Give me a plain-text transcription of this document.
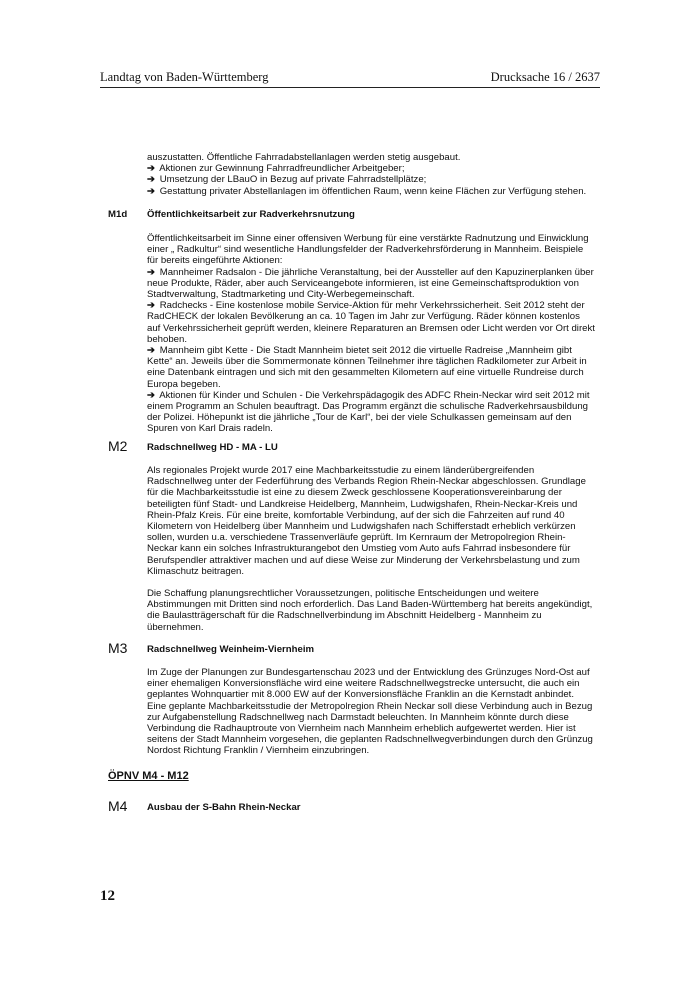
Landtag von Baden-Württemberg	Drucksache 16 / 2637

auszustatten. Öffentliche Fahrradabstellanlagen werden stetig ausgebaut.

➔ Aktionen zur Gewinnung Fahrradfreundlicher Arbeitgeber;
➔ Umsetzung der LBauO in Bezug auf private Fahrradstellplätze;
➔ Gestattung privater Abstellanlagen im öffentlichen Raum, wenn keine Flächen zur Verfügung stehen.
M1d Öffentlichkeitsarbeit zur Radverkehrsnutzung

Öffentlichkeitsarbeit im Sinne einer offensiven Werbung für eine verstärkte Radnutzung und Einwicklung einer „ Radkultur“ sind wesentliche Handlungsfelder der Radverkehrsförderung in Mannheim. Beispiele für bereits eingeführte Aktionen:

➔ Mannheimer Radsalon - Die jährliche Veranstaltung, bei der Aussteller auf den Kapuzinerplanken über neue Produkte, Räder, aber auch Serviceangebote informieren, ist eine Gemeinschaftsproduktion von Stadtverwaltung, Stadtmarketing und City-Werbegemeinschaft.
➔ Radchecks - Eine kostenlose mobile Service-Aktion für mehr Verkehrssicherheit. Seit 2012 steht der RadCHECK der lokalen Bevölkerung an ca. 10 Tagen im Jahr zur Verfügung. Räder können kostenlos auf Verkehrssicherheit geprüft werden, kleinere Reparaturen an Bremsen oder Licht werden vor Ort direkt behoben.
➔ Mannheim gibt Kette - Die Stadt Mannheim bietet seit 2012 die virtuelle Radreise „Mannheim gibt Kette“ an. Jeweils über die Sommermonate können Teilnehmer ihre täglichen Radkilometer zur Arbeit in eine Datenbank eintragen und sich mit den gesammelten Kilometern auf eine virtuelle Rundreise durch Europa begeben.
➔ Aktionen für Kinder und Schulen - Die Verkehrspädagogik des ADFC Rhein-Neckar wird seit 2012 mit einem Programm an Schulen beauftragt. Das Programm ergänzt die schulische Radverkehrsausbildung der Polizei. Höhepunkt ist die jährliche „Tour de Karl“, bei der viele Schulkassen gemeinsam auf den Spuren von Karl Drais radeln.
M2 Radschnellweg HD - MA - LU

Als regionales Projekt wurde 2017 eine Machbarkeitsstudie zu einem länderübergreifenden Radschnellweg unter der Federführung des Verbands Region Rhein-Neckar abgeschlossen. Grundlage für die Machbarkeitsstudie ist eine zu diesem Zweck geschlossene Kooperationsvereinbarung der beteiligten fünf Stadt- und Landkreise Heidelberg, Mannheim, Ludwigshafen, Rhein-Neckar-Kreis und Rhein-Pfalz Kreis. Für eine breite, komfortable Verbindung, auf der sich die Fahrzeiten auf rund 40 Kilometern von Heidelberg über Mannheim und Ludwigshafen nach Schifferstadt erheblich verkürzen sollen, wurden u.a. verschiedene Trassenverläufe geprüft. Im Kernraum der Metropolregion Rhein-Neckar kann ein solches Infrastrukturangebot den Umstieg vom Auto aufs Fahrrad insbesondere für Berufspendler attraktiver machen und auf diese Weise zur Minderung der Verkehrsbelastung und zum Klimaschutz beitragen.

Die Schaffung planungsrechtlicher Voraussetzungen, politische Entscheidungen und weitere Abstimmungen mit Dritten sind noch erforderlich. Das Land Baden-Württemberg hat bereits angekündigt, die Baulastträgerschaft für die Radschnellverbindung im Abschnitt Heidelberg - Mannheim zu übernehmen.

M3 Radschnellweg Weinheim-Viernheim

Im Zuge der Planungen zur Bundesgartenschau 2023 und der Entwicklung des Grünzuges Nord-Ost auf einer ehemaligen Konversionsfläche wird eine weitere Radschnellwegstrecke untersucht, die auch ein geplantes Wohnquartier mit 8.000 EW auf der Konversionsfläche Franklin an die Kernstadt anbindet. Eine geplante Machbarkeitsstudie der Metropolregion Rhein Neckar soll diese Verbindung auch in Bezug zur Aufgabenstellung Radschnellweg nach Darmstadt beleuchten. In Mannheim könnte durch diese Verbindung die Radhauptroute von Viernheim nach Mannheim erheblich aufgewertet werden. Hier ist seitens der Stadt Mannheim vorgesehen, die geplanten Radschnellwegverbindungen durch den Grünzug Nordost Richtung Franklin / Viernheim einzubringen.

ÖPNV M4 - M12
M4 Ausbau der S-Bahn Rhein-Neckar
12
